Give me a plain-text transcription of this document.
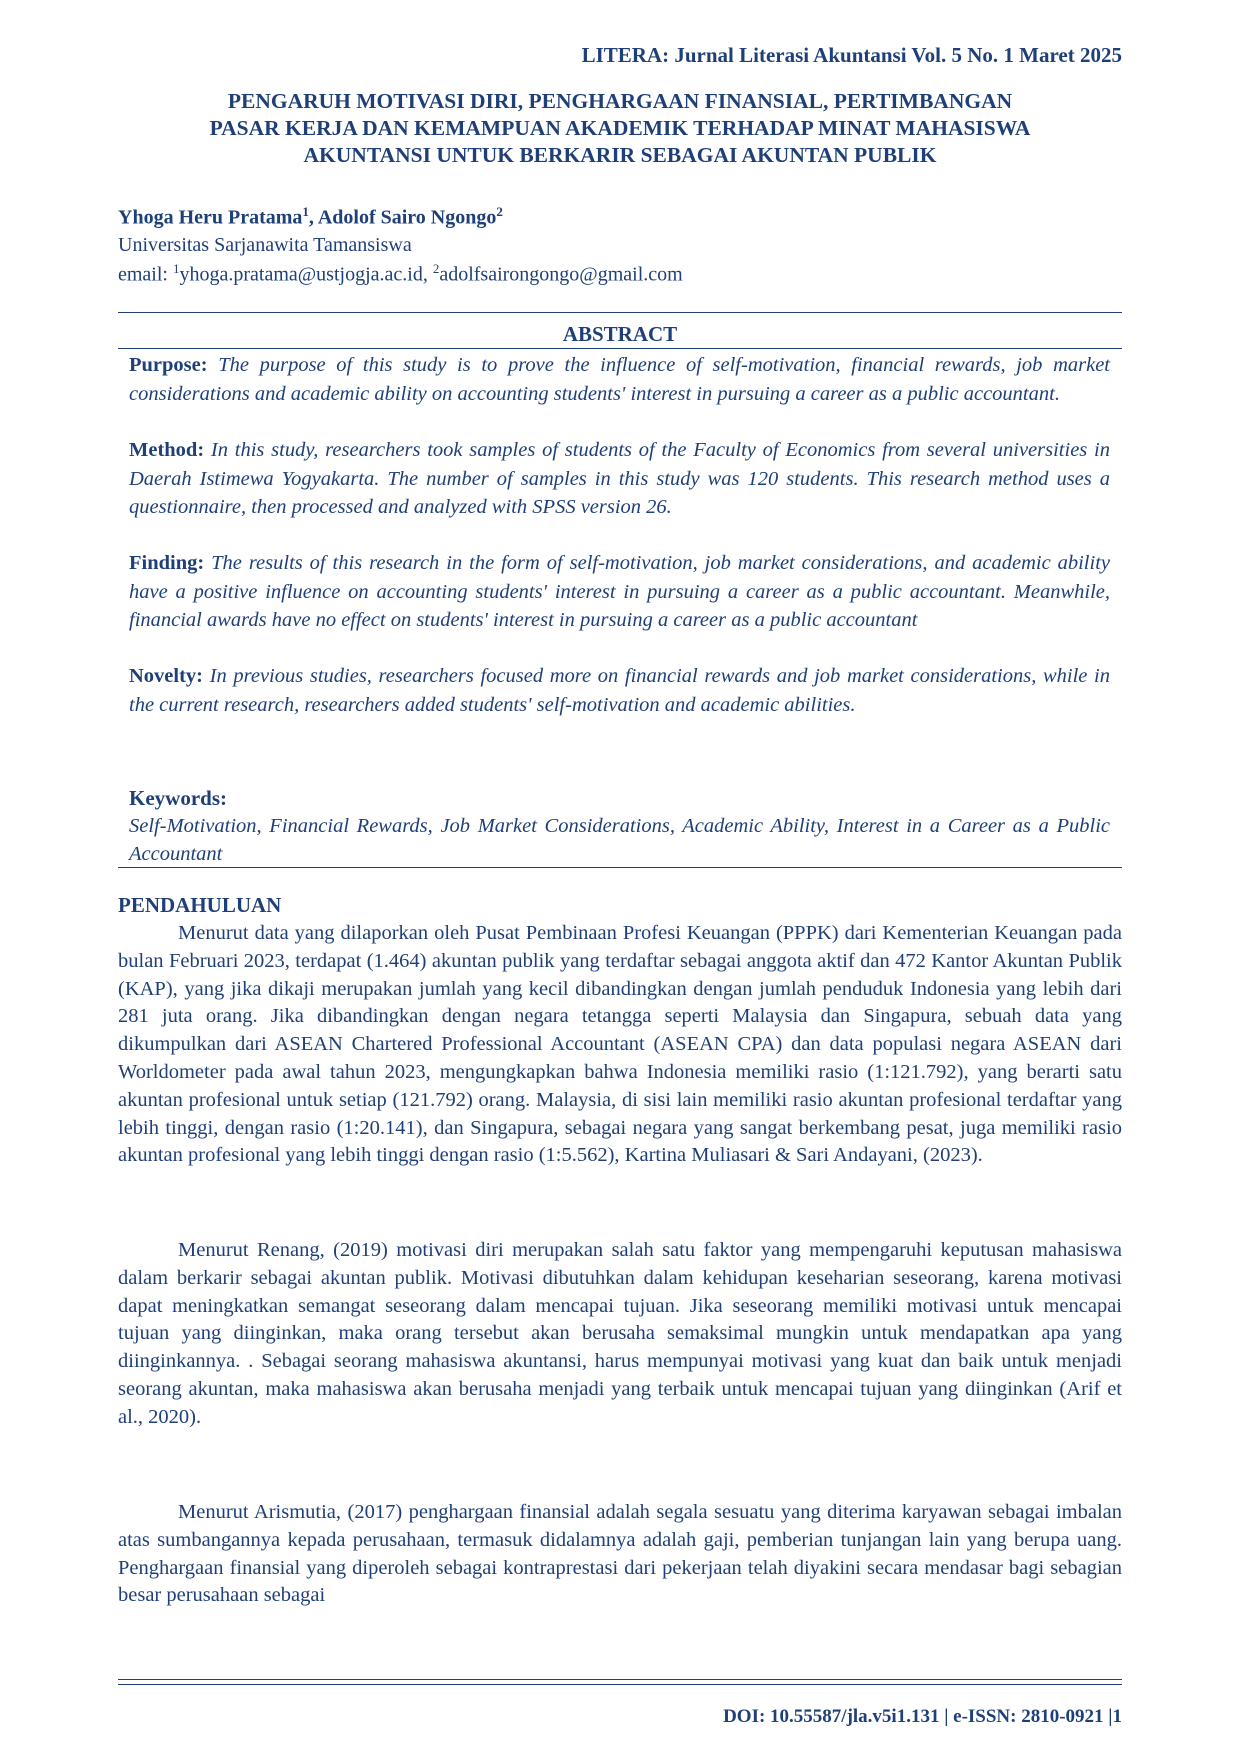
LITERA: Jurnal Literasi Akuntansi Vol. 5 No. 1 Maret 2025
PENGARUH MOTIVASI DIRI, PENGHARGAAN FINANSIAL, PERTIMBANGAN
PASAR KERJA DAN KEMAMPUAN AKADEMIK TERHADAP MINAT MAHASISWA
AKUNTANSI UNTUK BERKARIR SEBAGAI AKUNTAN PUBLIK
Yhoga Heru Pratama$^1$, Adolof Sairo Ngongo$^2$
Universitas Sarjanawita Tamansiswa
email: $^1$yhoga.pratama@ustjogja.ac.id, $^2$adolfsairongongo@gmail.com
ABSTRACT
Purpose: The purpose of this study is to prove the influence of self-motivation, financial rewards, job market considerations and academic ability on accounting students' interest in pursuing a career as a public accountant.
Method: In this study, researchers took samples of students of the Faculty of Economics from several universities in Daerah Istimewa Yogyakarta. The number of samples in this study was 120 students. This research method uses a questionnaire, then processed and analyzed with SPSS version 26.
Finding: The results of this research in the form of self-motivation, job market considerations, and academic ability have a positive influence on accounting students' interest in pursuing a career as a public accountant. Meanwhile, financial awards have no effect on students' interest in pursuing a career as a public accountant
Novelty: In previous studies, researchers focused more on financial rewards and job market considerations, while in the current research, researchers added students' self-motivation and academic abilities.
Keywords:
Self-Motivation, Financial Rewards, Job Market Considerations, Academic Ability, Interest in a Career as a Public Accountant
PENDAHULUAN

Menurut data yang dilaporkan oleh Pusat Pembinaan Profesi Keuangan (PPPK) dari Kementerian Keuangan pada bulan Februari 2023, terdapat (1.464) akuntan publik yang terdaftar sebagai anggota aktif dan 472 Kantor Akuntan Publik (KAP), yang jika dikaji merupakan jumlah yang kecil dibandingkan dengan jumlah penduduk Indonesia yang lebih dari 281 juta orang. Jika dibandingkan dengan negara tetangga seperti Malaysia dan Singapura, sebuah data yang dikumpulkan dari ASEAN Chartered Professional Accountant (ASEAN CPA) dan data populasi negara ASEAN dari Worldometer pada awal tahun 2023, mengungkapkan bahwa Indonesia memiliki rasio (1:121.792), yang berarti satu akuntan profesional untuk setiap (121.792) orang. Malaysia, di sisi lain memiliki rasio akuntan profesional terdaftar yang lebih tinggi, dengan rasio (1:20.141), dan Singapura, sebagai negara yang sangat berkembang pesat, juga memiliki rasio akuntan profesional yang lebih tinggi dengan rasio (1:5.562), Kartina Muliasari & Sari Andayani, (2023).

Menurut Renang, (2019) motivasi diri merupakan salah satu faktor yang mempengaruhi keputusan mahasiswa dalam berkarir sebagai akuntan publik. Motivasi dibutuhkan dalam kehidupan keseharian seseorang, karena motivasi dapat meningkatkan semangat seseorang dalam mencapai tujuan. Jika seseorang memiliki motivasi untuk mencapai tujuan yang diinginkan, maka orang tersebut akan berusaha semaksimal mungkin untuk mendapatkan apa yang diinginkannya. . Sebagai seorang mahasiswa akuntansi, harus mempunyai motivasi yang kuat dan baik untuk menjadi seorang akuntan, maka mahasiswa akan berusaha menjadi yang terbaik untuk mencapai tujuan yang diinginkan (Arif et al., 2020).

Menurut Arismutia, (2017) penghargaan finansial adalah segala sesuatu yang diterima karyawan sebagai imbalan atas sumbangannya kepada perusahaan, termasuk didalamnya adalah gaji, pemberian tunjangan lain yang berupa uang. Penghargaan finansial yang diperoleh sebagai kontraprestasi dari pekerjaan telah diyakini secara mendasar bagi sebagian besar perusahaan sebagai

DOI: 10.55587/jla.v5i1.131 | e-ISSN: 2810-0921 |1
